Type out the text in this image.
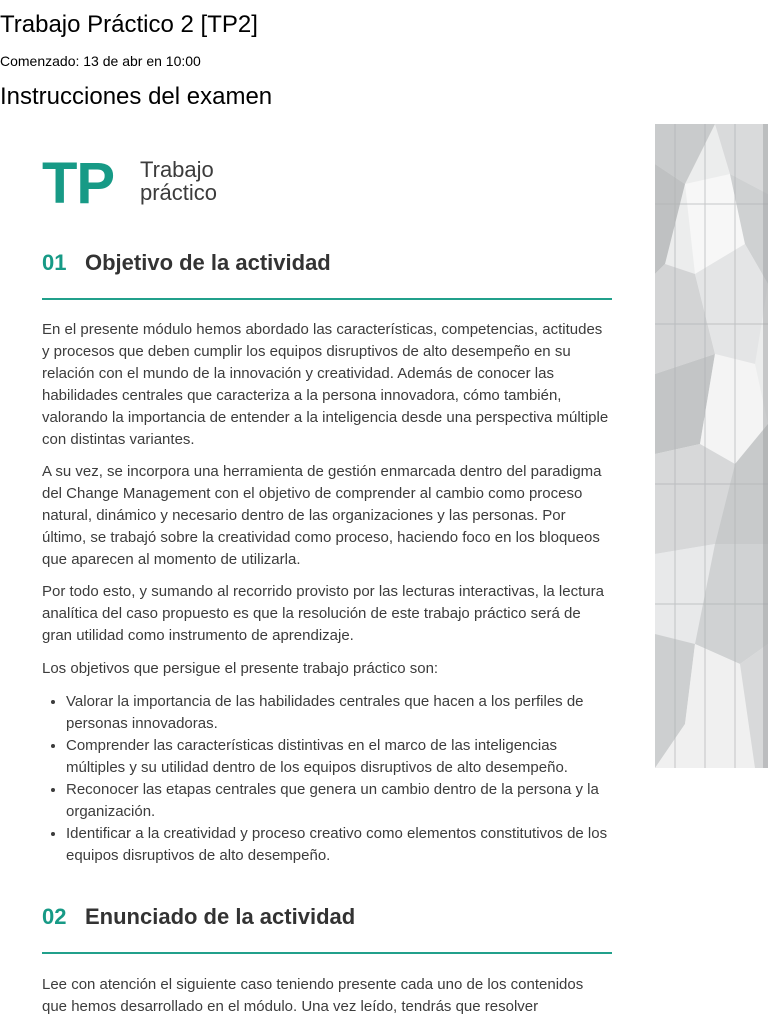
Trabajo Práctico 2 [TP2]

Comenzado: 13 de abr en 10:00

Instrucciones del examen
TP Trabajo
práctico
01 Objetivo de la actividad

En el presente módulo hemos abordado las características, competencias, actitudes y procesos que deben cumplir los equipos disruptivos de alto desempeño en su relación con el mundo de la innovación y creatividad. Además de conocer las habilidades centrales que caracteriza a la persona innovadora, cómo también, valorando la importancia de entender a la inteligencia desde una perspectiva múltiple con distintas variantes.

A su vez, se incorpora una herramienta de gestión enmarcada dentro del paradigma del Change Management con el objetivo de comprender al cambio como proceso natural, dinámico y necesario dentro de las organizaciones y las personas. Por último, se trabajó sobre la creatividad como proceso, haciendo foco en los bloqueos que aparecen al momento de utilizarla.

Por todo esto, y sumando al recorrido provisto por las lecturas interactivas, la lectura analítica del caso propuesto es que la resolución de este trabajo práctico será de gran utilidad como instrumento de aprendizaje.

Los objetivos que persigue el presente trabajo práctico son:

• Valorar la importancia de las habilidades centrales que hacen a los perfiles de personas innovadoras.
• Comprender las características distintivas en el marco de las inteligencias múltiples y su utilidad dentro de los equipos disruptivos de alto desempeño.
• Reconocer las etapas centrales que genera un cambio dentro de la persona y la organización.
• Identificar a la creatividad y proceso creativo como elementos constitutivos de los equipos disruptivos de alto desempeño.
02 Enunciado de la actividad

Lee con atención el siguiente caso teniendo presente cada uno de los contenidos que hemos desarrollado en el módulo. Una vez leído, tendrás que resolver
